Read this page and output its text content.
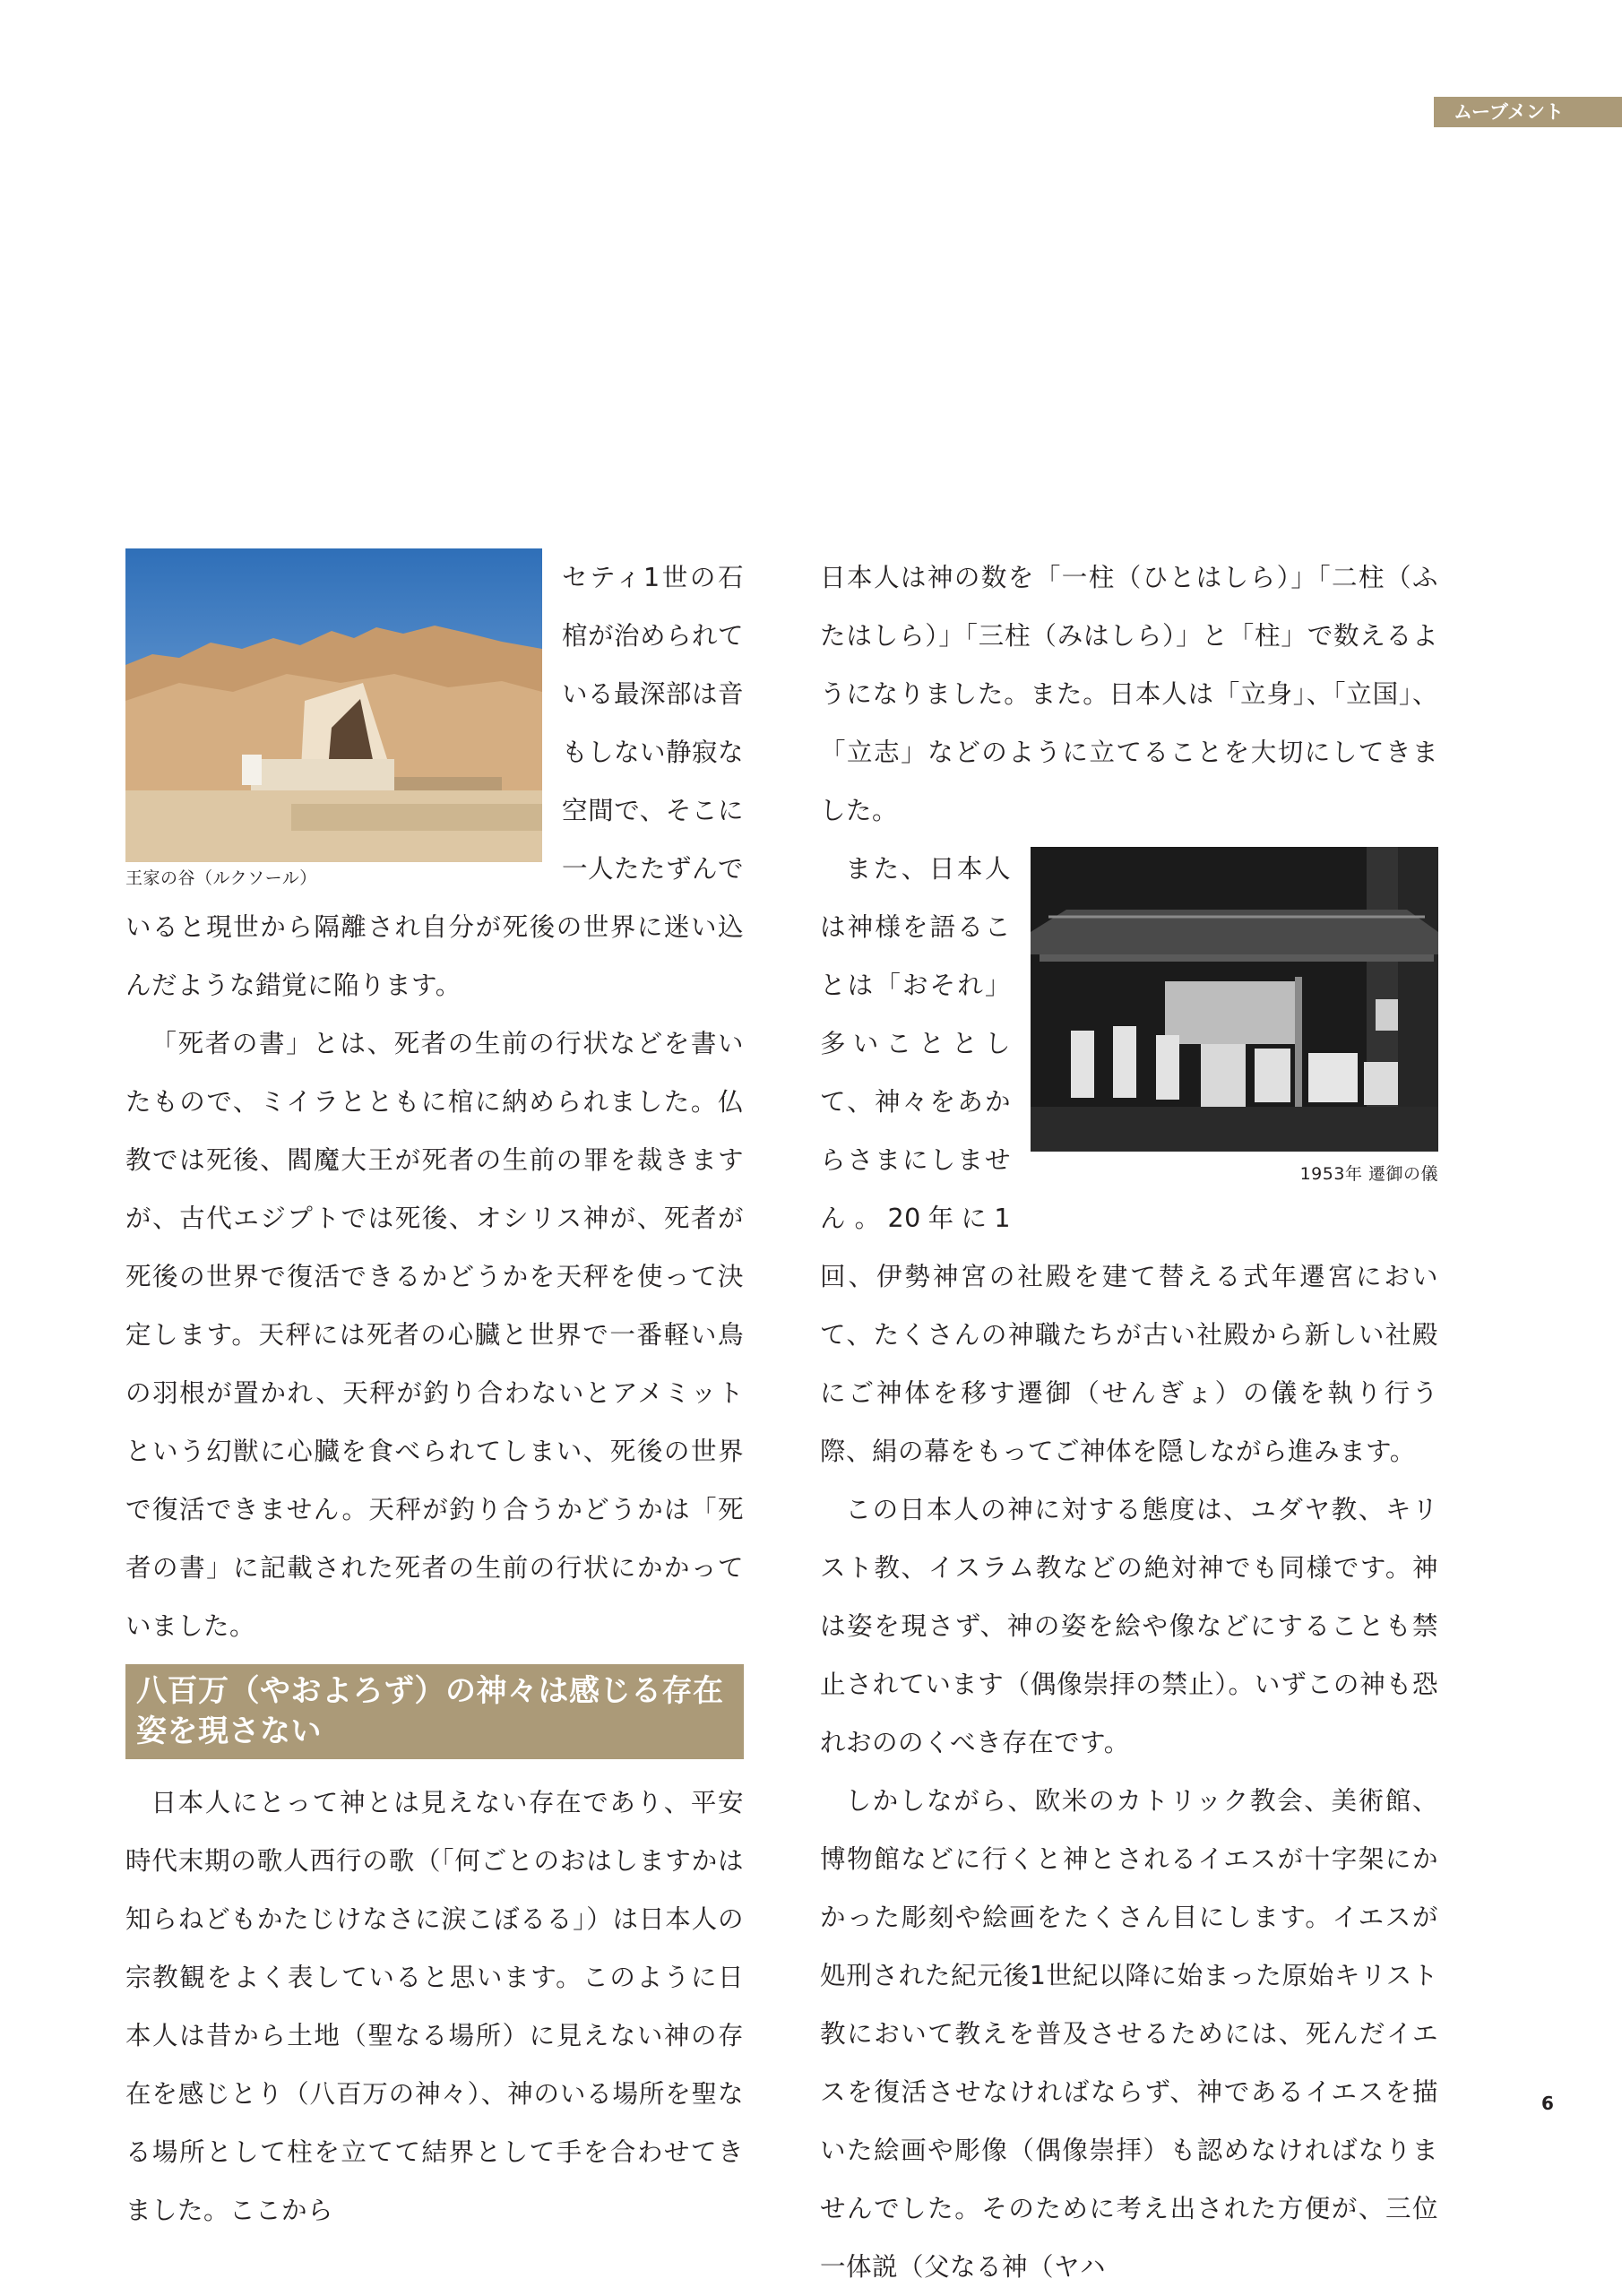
ムーブメント
王家の谷（ルクソール）

セティ1世の石棺が治められている最深部は音もしない静寂な空間で、そこに一人たたずんでいると現世から隔離され自分が死後の世界に迷い込んだような錯覚に陥ります。

「死者の書」とは、死者の生前の行状などを書いたもので、ミイラとともに棺に納められました。仏教では死後、閻魔大王が死者の生前の罪を裁きますが、古代エジプトでは死後、オシリス神が、死者が死後の世界で復活できるかどうかを天秤を使って決定します。天秤には死者の心臓と世界で一番軽い鳥の羽根が置かれ、天秤が釣り合わないとアメミットという幻獣に心臓を食べられてしまい、死後の世界で復活できません。天秤が釣り合うかどうかは「死者の書」に記載された死者の生前の行状にかかっていました。

八百万（やおよろず）の神々は感じる存在姿を現さない

日本人にとって神とは見えない存在であり、平安時代末期の歌人西行の歌（「何ごとのおはしますかは知らねどもかたじけなさに涙こぼるる」）は日本人の宗教観をよく表していると思います。このように日本人は昔から土地（聖なる場所）に見えない神の存在を感じとり（八百万の神々）、神のいる場所を聖なる場所として柱を立てて結界として手を合わせてきました。ここから

日本人は神の数を「一柱（ひとはしら）」「二柱（ふたはしら）」「三柱（みはしら）」と「柱」で数えるようになりました。また。日本人は「立身」、「立国」、「立志」などのように立てることを大切にしてきました。

1953年 遷御の儀
また、日本人は神様を語ることは「おそれ」多いこととして、神々をあからさまにしません。20年に1回、伊勢神宮の社殿を建て替える式年遷宮において、たくさんの神職たちが古い社殿から新しい社殿にご神体を移す遷御（せんぎょ）の儀を執り行う際、絹の幕をもってご神体を隠しながら進みます。

この日本人の神に対する態度は、ユダヤ教、キリスト教、イスラム教などの絶対神でも同様です。神は姿を現さず、神の姿を絵や像などにすることも禁止されています（偶像崇拝の禁止）。いずこの神も恐れおののくべき存在です。

しかしながら、欧米のカトリック教会、美術館、博物館などに行くと神とされるイエスが十字架にかかった彫刻や絵画をたくさん目にします。イエスが処刑された紀元後1世紀以降に始まった原始キリスト教において教えを普及させるためには、死んだイエスを復活させなければならず、神であるイエスを描いた絵画や彫像（偶像崇拝）も認めなければなりませんでした。そのために考え出された方便が、三位一体説（父なる神（ヤハ

6
